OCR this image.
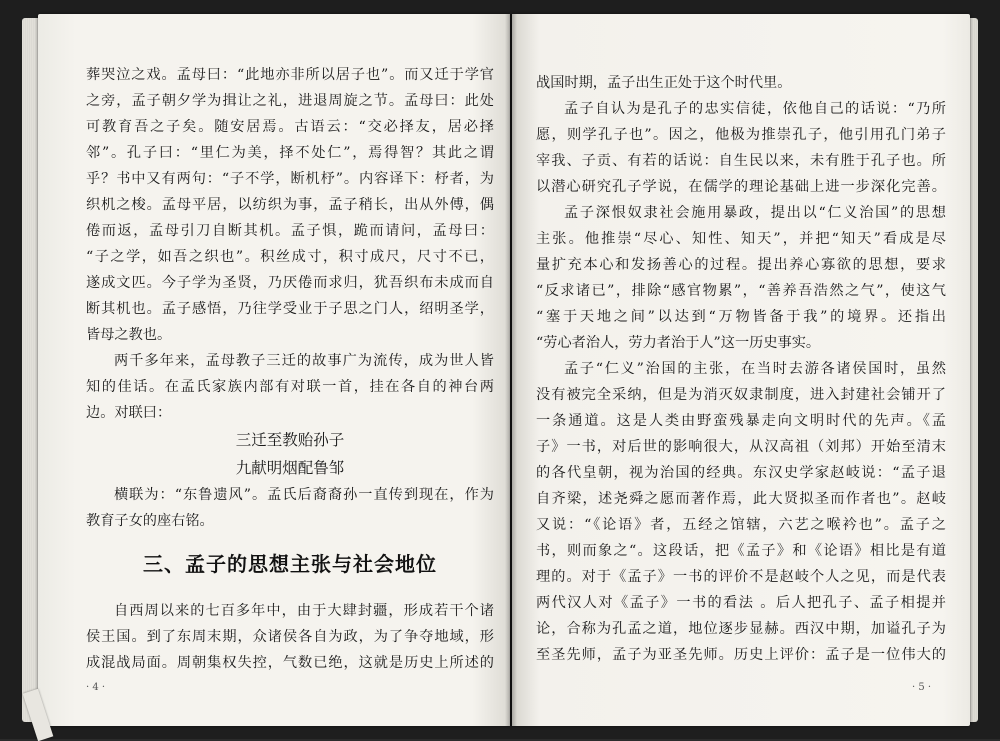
葬哭泣之戏。孟母曰：“此地亦非所以居子也”。而又迁于学官
之旁，孟子朝夕学为揖让之礼，进退周旋之节。孟母曰：此处
可教育吾之子矣。随安居焉。古语云：“交必择友，居必择
邻”。孔子曰：“里仁为美，择不处仁”，焉得智？其此之谓
乎？书中又有两句：“子不学，断机杼”。内容译下：杼者，为
织机之梭。孟母平居，以纺织为事，孟子稍长，出从外傅，偶
倦而返，孟母引刀自断其机。孟子惧，跪而请问，孟母曰：
“子之学，如吾之织也”。积丝成寸，积寸成尺，尺寸不已，
遂成文匹。今子学为圣贤，乃厌倦而求归，犹吾织布未成而自
断其机也。孟子感悟，乃往学受业于子思之门人，绍明圣学，
皆母之教也。
两千多年来，孟母教子三迁的故事广为流传，成为世人皆
知的佳话。在孟氏家族内部有对联一首，挂在各自的神台两
边。对联曰：
三迁至教贻孙子
九献明烟配鲁邹
横联为：“东鲁遗风”。孟氏后裔裔孙一直传到现在，作为
教育子女的座右铭。
三、孟子的思想主张与社会地位
自西周以来的七百多年中，由于大肆封疆，形成若干个诸
侯王国。到了东周末期，众诸侯各自为政，为了争夺地域，形
成混战局面。周朝集权失控，气数已绝，这就是历史上所述的
· 4 ·
战国时期，孟子出生正处于这个时代里。
孟子自认为是孔子的忠实信徒，依他自己的话说：“乃所
愿，则学孔子也”。因之，他极为推崇孔子，他引用孔门弟子
宰我、子贡、有若的话说：自生民以来，未有胜于孔子也。所
以潜心研究孔子学说，在儒学的理论基础上进一步深化完善。
孟子深恨奴隶社会施用暴政，提出以“仁义治国”的思想
主张。他推崇“尽心、知性、知天”，并把“知天”看成是尽
量扩充本心和发扬善心的过程。提出养心寡欲的思想，要求
“反求诸已”，排除“感官物累”，“善养吾浩然之气”，使这气
“塞于天地之间”以达到“万物皆备于我”的境界。还指出
“劳心者治人，劳力者治于人”这一历史事实。
孟子“仁义”治国的主张，在当时去游各诸侯国时，虽然
没有被完全采纳，但是为消灭奴隶制度，进入封建社会铺开了
一条通道。这是人类由野蛮残暴走向文明时代的先声。《孟
子》一书，对后世的影响很大，从汉高祖（刘邦）开始至清末
的各代皇朝，视为治国的经典。东汉史学家赵岐说：“孟子退
自齐梁，述尧舜之愿而著作焉，此大贤拟圣而作者也”。赵岐
又说：“《论语》者，五经之馆辖，六艺之喉衿也”。孟子之
书，则而象之“。这段话，把《孟子》和《论语》相比是有道
理的。对于《孟子》一书的评价不是赵岐个人之见，而是代表
两代汉人对《孟子》一书的看法 。后人把孔子、孟子相提并
论，合称为孔孟之道，地位逐步显赫。西汉中期，加谥孔子为
至圣先师，孟子为亚圣先师。历史上评价：孟子是一位伟大的
· 5 ·
